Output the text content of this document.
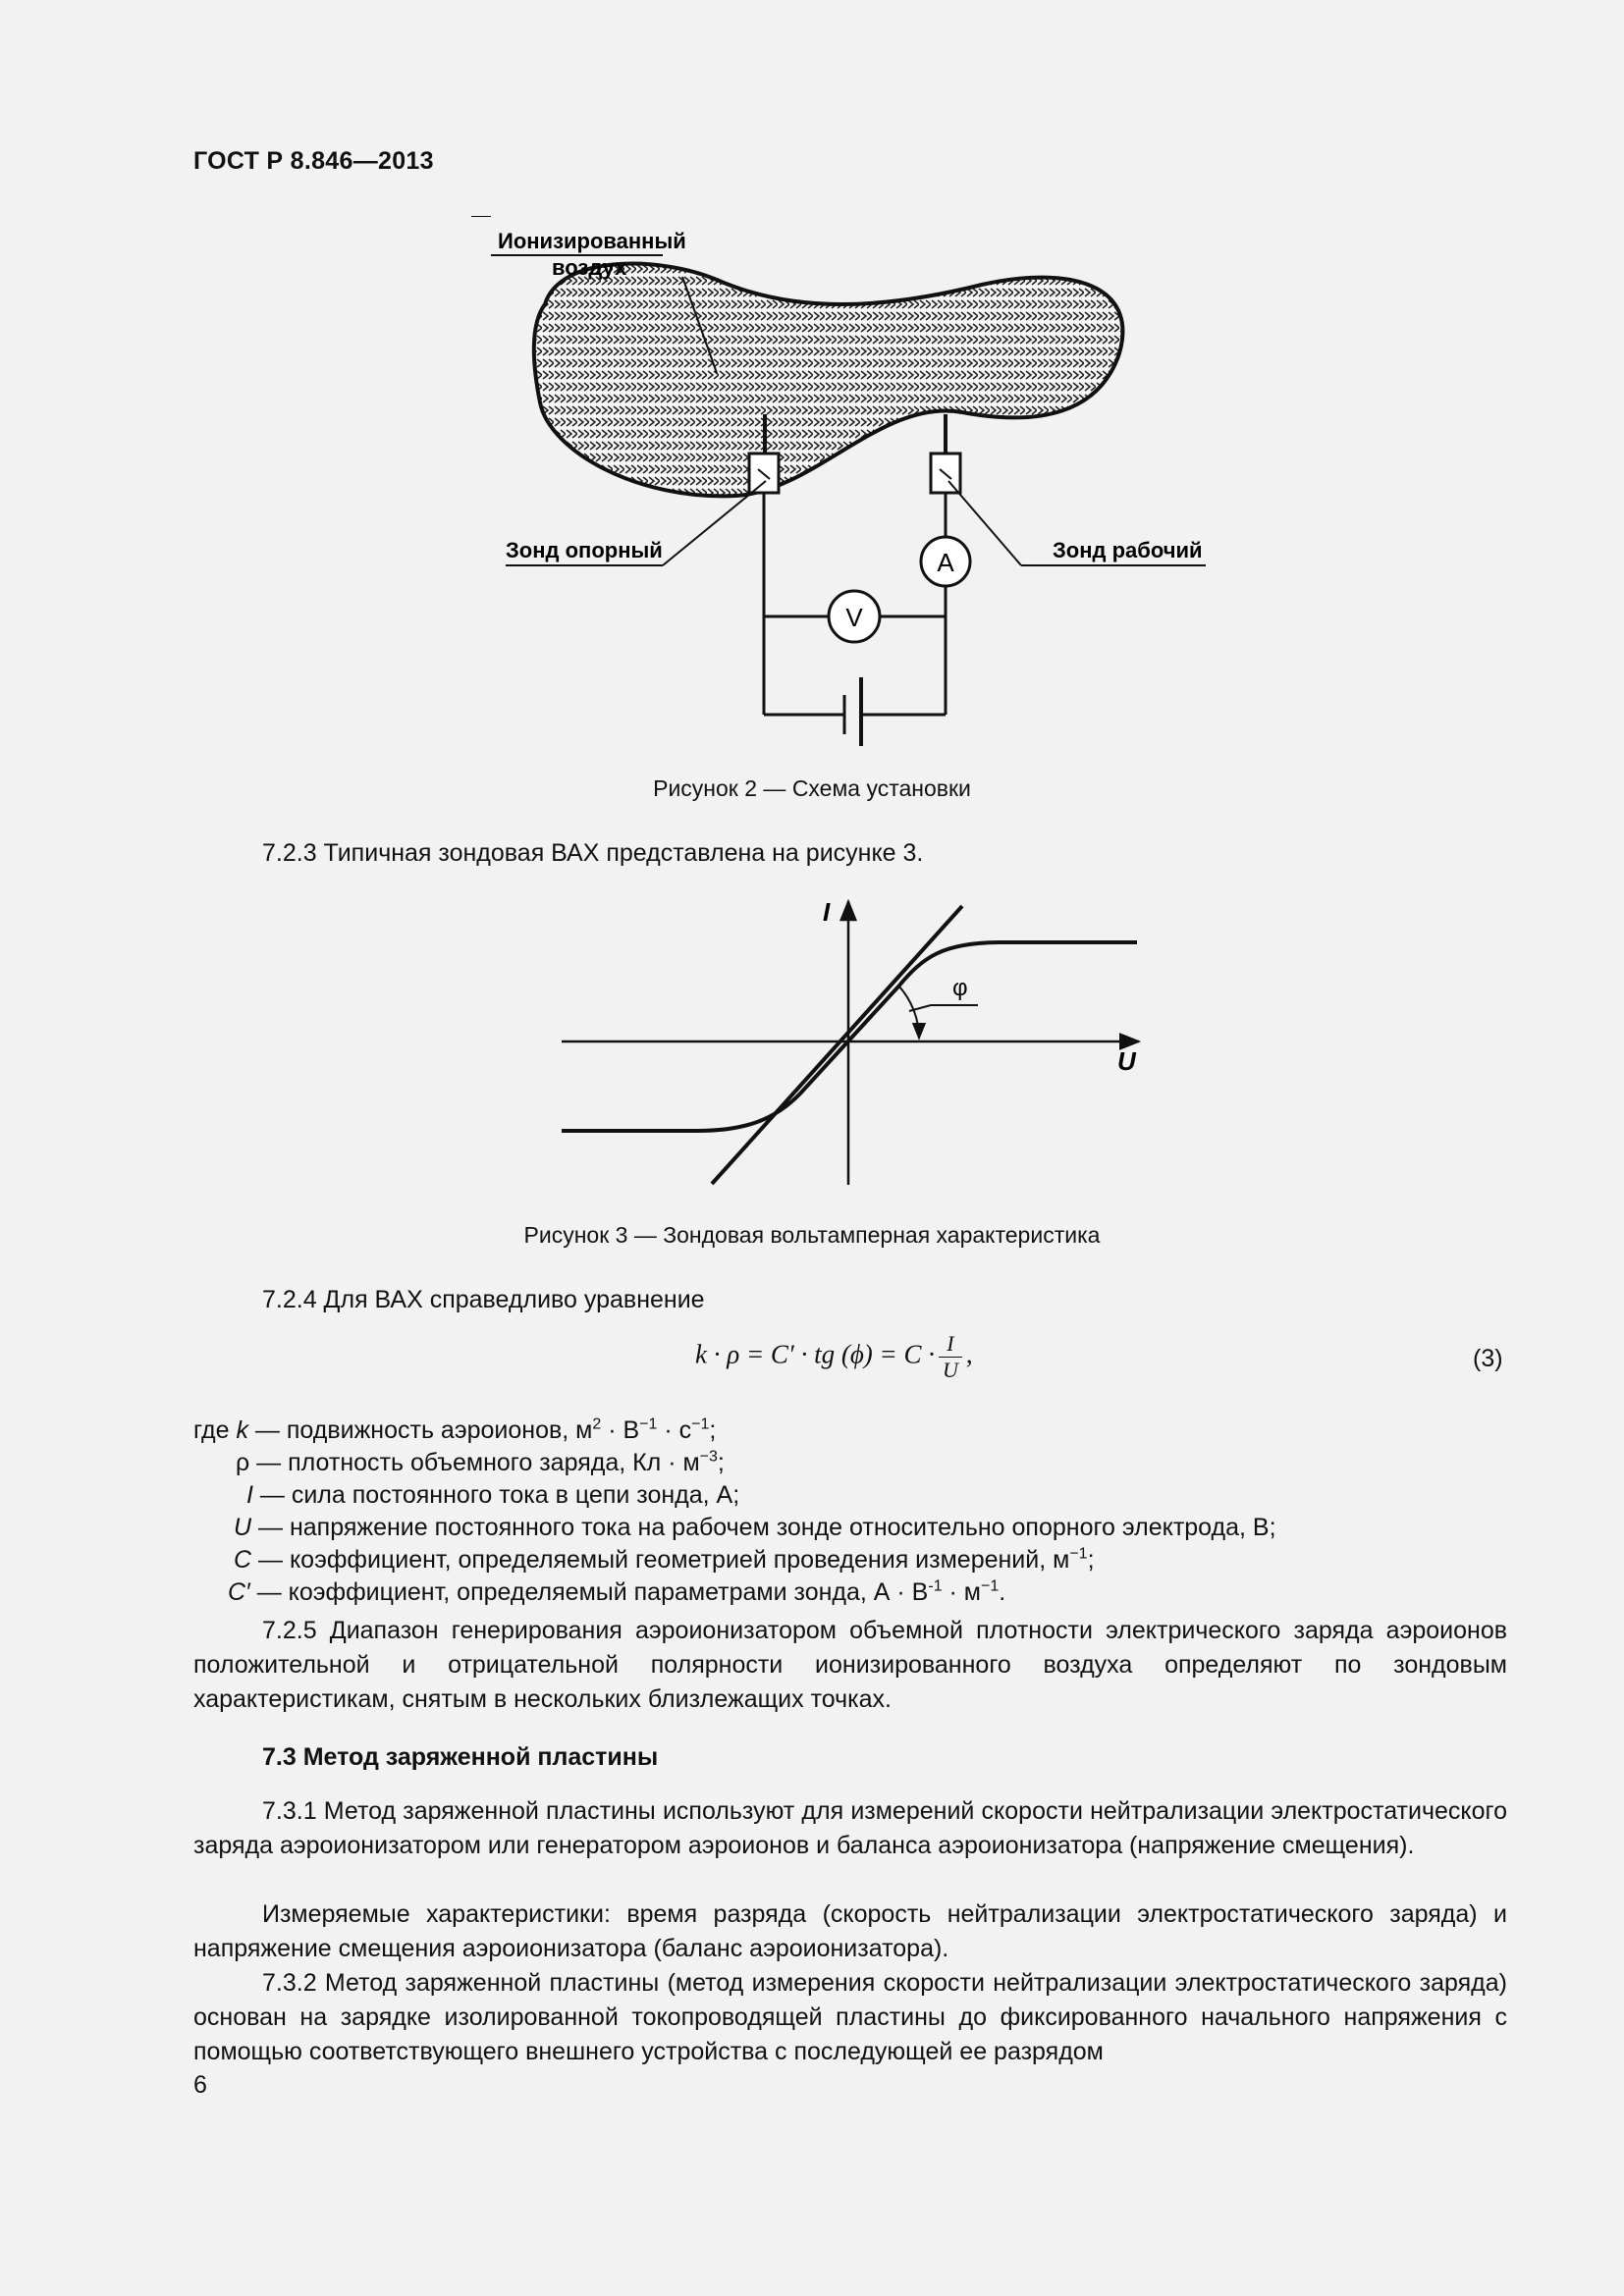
ГОСТ Р 8.846—2013
Ионизированный
воздух
A
V
Зонд опорный	Зонд рабочий
Рисунок 2 — Схема установки
7.2.3 Типичная зондовая ВАХ представлена на рисунке 3.
I
U
φ
Рисунок 3 — Зондовая вольтамперная характеристика
7.2.4 Для ВАХ справедливо уравнение
k · ρ = C′ · tg $(\phi) = C \cdot \frac{I}{U}$ ,	(3)
где k — подвижность аэроионов, $м^2 \cdot В^{-1} \cdot с^{-1}$;
ρ — плотность объемного заряда, Кл · $м^{-3}$;
I — сила постоянного тока в цепи зонда, А;
U — напряжение постоянного тока на рабочем зонде относительно опорного электрода, В;
C — коэффициент, определяемый геометрией проведения измерений, $м^{-1}$;
C′ — коэффициент, определяемый параметрами зонда, $А \cdot В^{-1} \cdot м^{-1}$.
7.2.5 Диапазон генерирования аэроионизатором объемной плотности электрического заряда аэроионов положительной и отрицательной полярности ионизированного воздуха определяют по зондовым характеристикам, снятым в нескольких близлежащих точках.
7.3 Метод заряженной пластины
7.3.1 Метод заряженной пластины используют для измерений скорости нейтрализации электростатического заряда аэроионизатором или генератором аэроионов и баланса аэроионизатора (напряжение смещения).
Измеряемые характеристики: время разряда (скорость нейтрализации электростатического заряда) и напряжение смещения аэроионизатора (баланс аэроионизатора).
7.3.2 Метод заряженной пластины (метод измерения скорости нейтрализации электростатического заряда) основан на зарядке изолированной токопроводящей пластины до фиксированного начального напряжения с помощью соответствующего внешнего устройства с последующей ее разрядом
6
